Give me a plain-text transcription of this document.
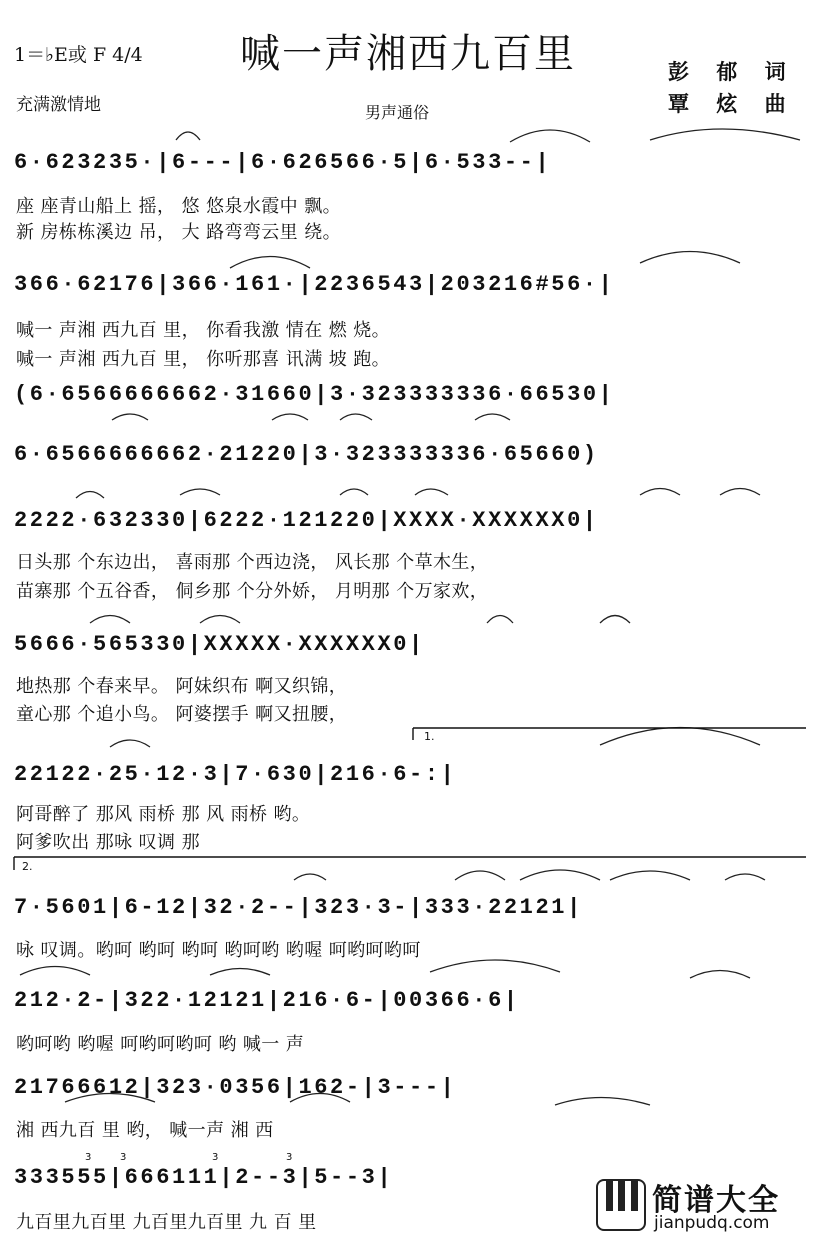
喊一声湘西九百里
1＝♭E或 F 4/4
充满激情地	男声通俗
彭 郁 词
覃 炫 曲
3	3	3	3
6·623235·|6---|6·626566·5|6·533--|
座 座青山船上 摇， 悠 悠泉水霞中 飘。
新 房栋栋溪边 吊， 大 路弯弯云里 绕。
366·62176|366·161·|2236543|203216#56·|
喊一 声湘 西九百 里， 你看我激 情在 燃 烧。
喊一 声湘 西九百 里， 你听那喜 讯满 坡 跑。
(6·6566666662·31660|3·323333336·66530|
6·6566666662·21220|3·323333336·65660)
2222·632330|6222·121220|XXXX·XXXXXX0|
日头那 个东边出， 喜雨那 个西边浇， 风长那 个草木生，
苗寨那 个五谷香， 侗乡那 个分外娇， 月明那 个万家欢，
5666·565330|XXXXX·XXXXXX0|
地热那 个春来早。 阿妹织布 啊又织锦，
童心那 个追小鸟。 阿婆摆手 啊又扭腰，
1.
22122·25·12·3|7·630|216·6-:|
阿哥醉了 那风 雨桥 那 风 雨桥 哟。
阿爹吹出 那咏 叹调 那
2.
7·5601|6-12|32·2--|323·3-|333·22121|
咏 叹调。哟呵 哟呵 哟呵 哟呵哟 哟喔 呵哟呵哟呵
212·2-|322·12121|216·6-|00366·6|
哟呵哟 哟喔 呵哟呵哟呵 哟 喊一 声
21766612|323·0356|162-|3---|
湘 西九百 里 哟， 喊一声 湘 西
333555|666111|2--3|5--3|
九百里九百里 九百里九百里 九 百 里
简谱大全
jianpudq.com
